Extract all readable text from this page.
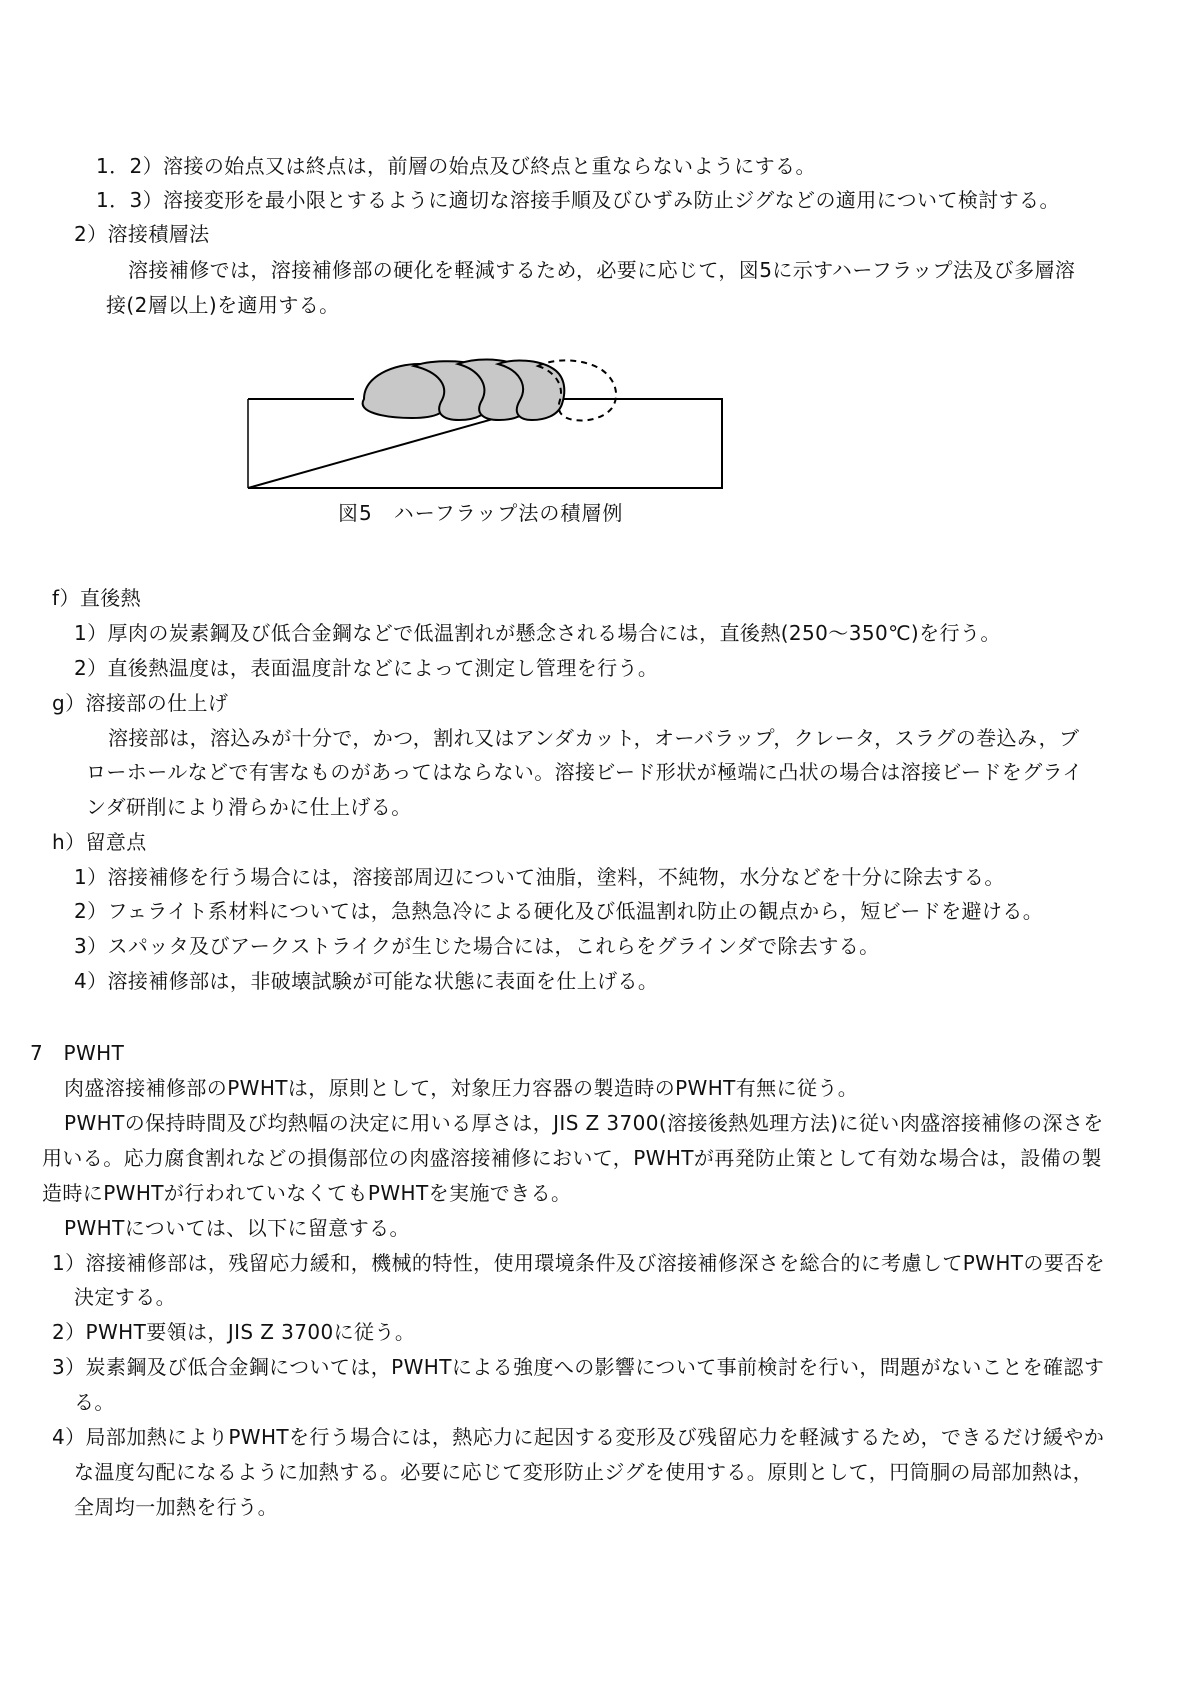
1．2）溶接の始点又は終点は，前層の始点及び終点と重ならないようにする。
1．3）溶接変形を最小限とするように適切な溶接手順及びひずみ防止ジグなどの適用について検討する。
2）溶接積層法
溶接補修では，溶接補修部の硬化を軽減するため，必要に応じて，図5に示すハーフラップ法及び多層溶
接(2層以上)を適用する。
図5　ハーフラップ法の積層例
f）直後熱
1）厚肉の炭素鋼及び低合金鋼などで低温割れが懸念される場合には，直後熱(250～350℃)を行う。
2）直後熱温度は，表面温度計などによって測定し管理を行う。
g）溶接部の仕上げ
溶接部は，溶込みが十分で，かつ，割れ又はアンダカット，オーバラップ，クレータ，スラグの巻込み，ブ
ローホールなどで有害なものがあってはならない。溶接ビード形状が極端に凸状の場合は溶接ビードをグライ
ンダ研削により滑らかに仕上げる。
h）留意点
1）溶接補修を行う場合には，溶接部周辺について油脂，塗料，不純物，水分などを十分に除去する。
2）フェライト系材料については，急熱急冷による硬化及び低温割れ防止の観点から，短ビードを避ける。
3）スパッタ及びアークストライクが生じた場合には，これらをグラインダで除去する。
4）溶接補修部は，非破壊試験が可能な状態に表面を仕上げる。
7　PWHT
肉盛溶接補修部のPWHTは，原則として，対象圧力容器の製造時のPWHT有無に従う。
PWHTの保持時間及び均熱幅の決定に用いる厚さは，JIS Z 3700(溶接後熱処理方法)に従い肉盛溶接補修の深さを
用いる。応力腐食割れなどの損傷部位の肉盛溶接補修において，PWHTが再発防止策として有効な場合は，設備の製
造時にPWHTが行われていなくてもPWHTを実施できる。
PWHTについては、以下に留意する。
1）溶接補修部は，残留応力緩和，機械的特性，使用環境条件及び溶接補修深さを総合的に考慮してPWHTの要否を
決定する。
2）PWHT要領は，JIS Z 3700に従う。
3）炭素鋼及び低合金鋼については，PWHTによる強度への影響について事前検討を行い，問題がないことを確認す
る。
4）局部加熱によりPWHTを行う場合には，熱応力に起因する変形及び残留応力を軽減するため，できるだけ緩やか
な温度勾配になるように加熱する。必要に応じて変形防止ジグを使用する。原則として，円筒胴の局部加熱は，
全周均一加熱を行う。
